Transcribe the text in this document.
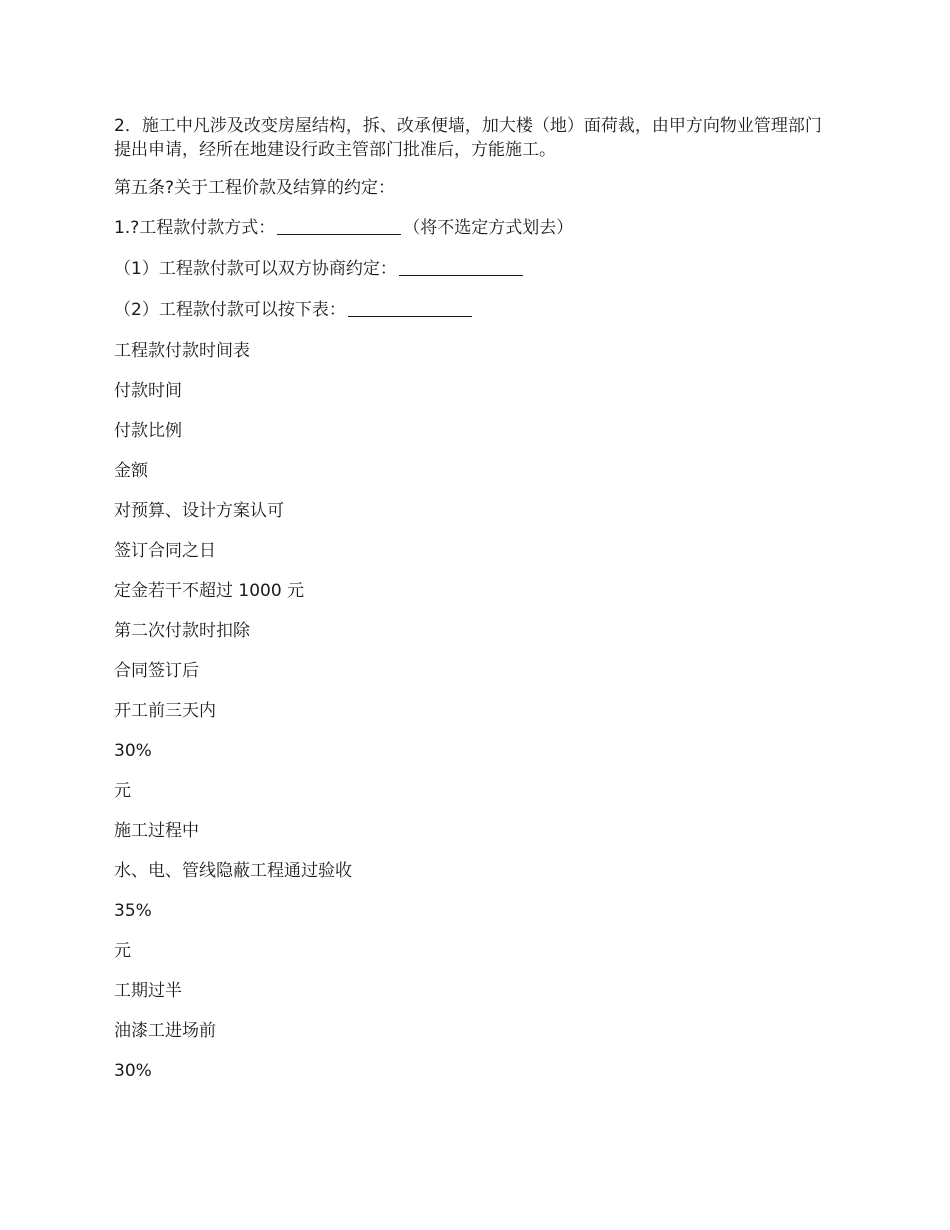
2．施工中凡涉及改变房屋结构，拆、改承便墙，加大楼（地）面荷裁，由甲方向物业管理部门提出申请，经所在地建设行政主管部门批准后，方能施工。
第五条?关于工程价款及结算的约定：
1.?工程款付款方式：	（将不选定方式划去）
（1）工程款付款可以双方协商约定：
（2）工程款付款可以按下表：
工程款付款时间表
付款时间
付款比例
金额
对预算、设计方案认可
签订合同之日
定金若干不超过 1000 元
第二次付款时扣除
合同签订后
开工前三天内
30%
元
施工过程中
水、电、管线隐蔽工程通过验收
35%
元
工期过半
油漆工进场前
30%
